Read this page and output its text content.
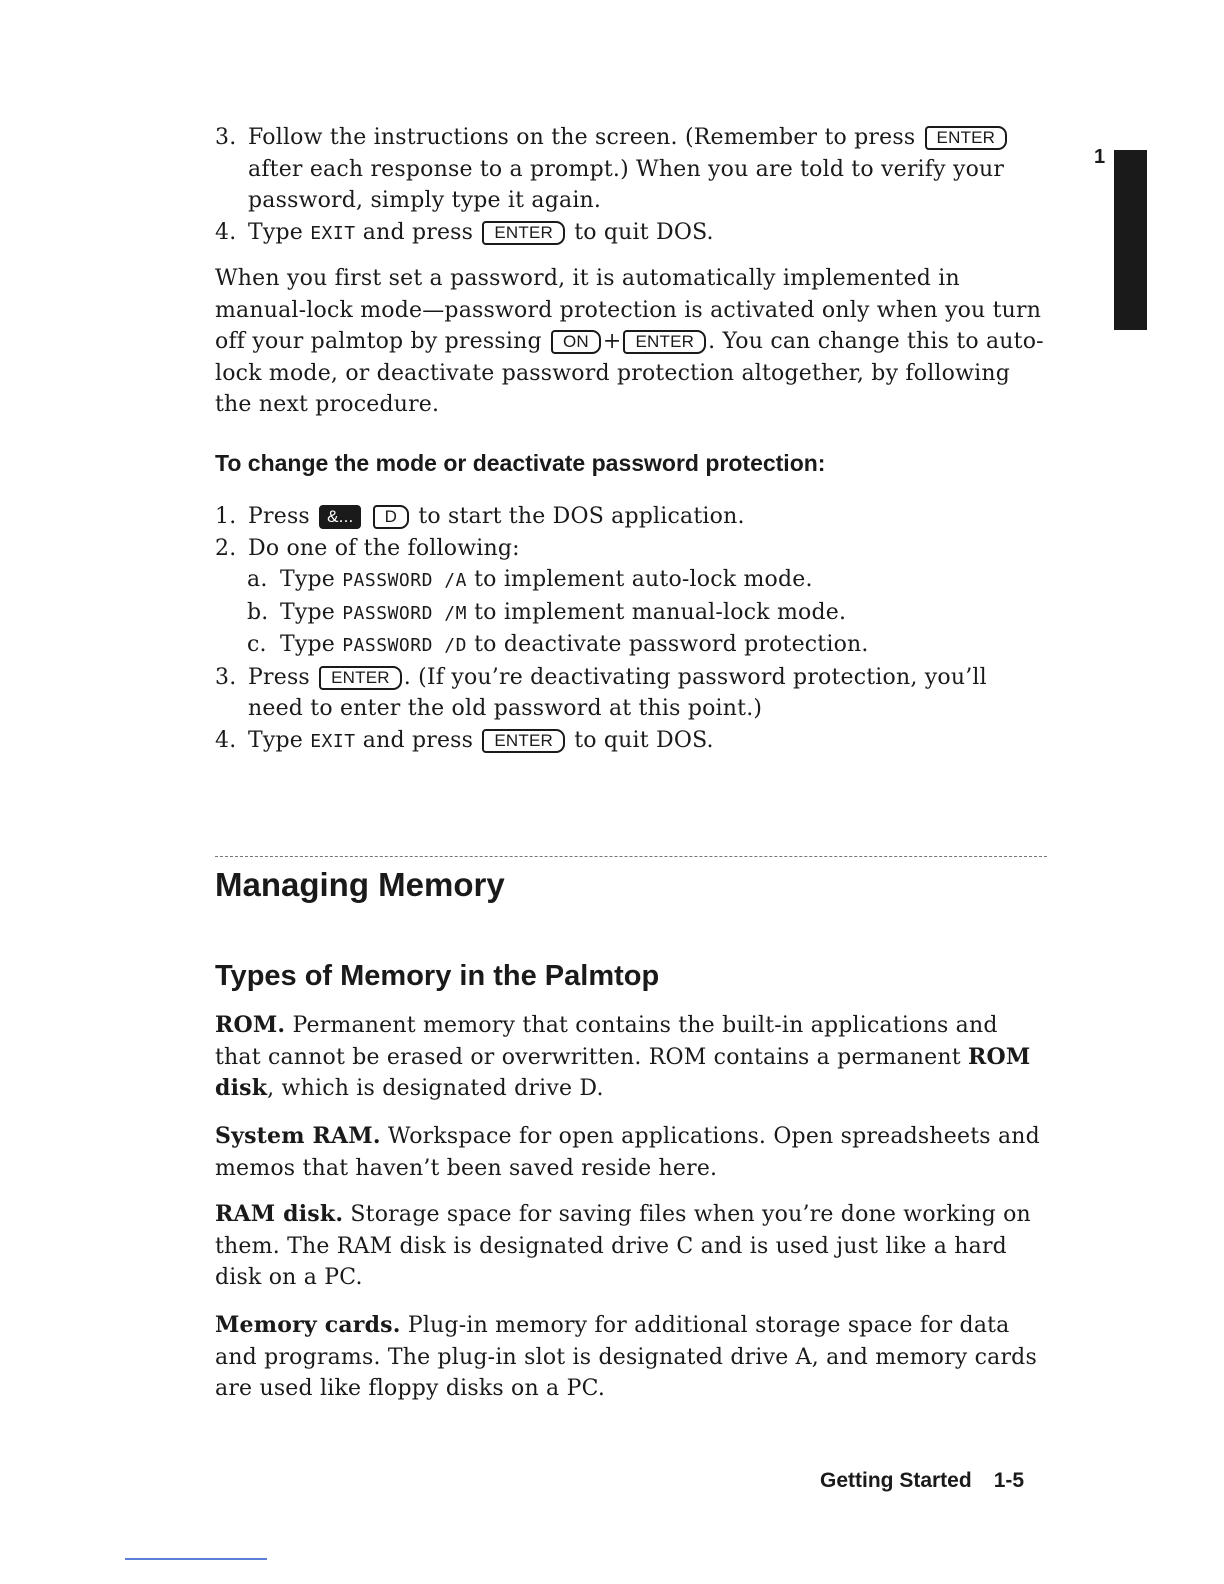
1
3. Follow the instructions on the screen. (Remember to press ENTER after each response to a prompt.) When you are told to verify your password, simply type it again.
4. Type EXIT and press ENTER to quit DOS.
When you first set a password, it is automatically implemented in manual-lock mode—password protection is activated only when you turn off your palmtop by pressing ON + ENTER . You can change this to auto-lock mode, or deactivate password protection altogether, by following the next procedure.
To change the mode or deactivate password protection:
1. Press &... D to start the DOS application.
2. Do one of the following:
a. Type PASSWORD /A to implement auto-lock mode.
b. Type PASSWORD /M to implement manual-lock mode.
c. Type PASSWORD /D to deactivate password protection.
3. Press ENTER . (If you’re deactivating password protection, you’ll need to enter the old password at this point.)
4. Type EXIT and press ENTER to quit DOS.
Managing Memory
Types of Memory in the Palmtop
ROM. Permanent memory that contains the built-in applications and that cannot be erased or overwritten. ROM contains a permanent ROM disk, which is designated drive D.
System RAM. Workspace for open applications. Open spreadsheets and memos that haven’t been saved reside here.
RAM disk. Storage space for saving files when you’re done working on them. The RAM disk is designated drive C and is used just like a hard disk on a PC.
Memory cards. Plug-in memory for additional storage space for data and programs. The plug-in slot is designated drive A, and memory cards are used like floppy disks on a PC.
Getting Started 1-5
